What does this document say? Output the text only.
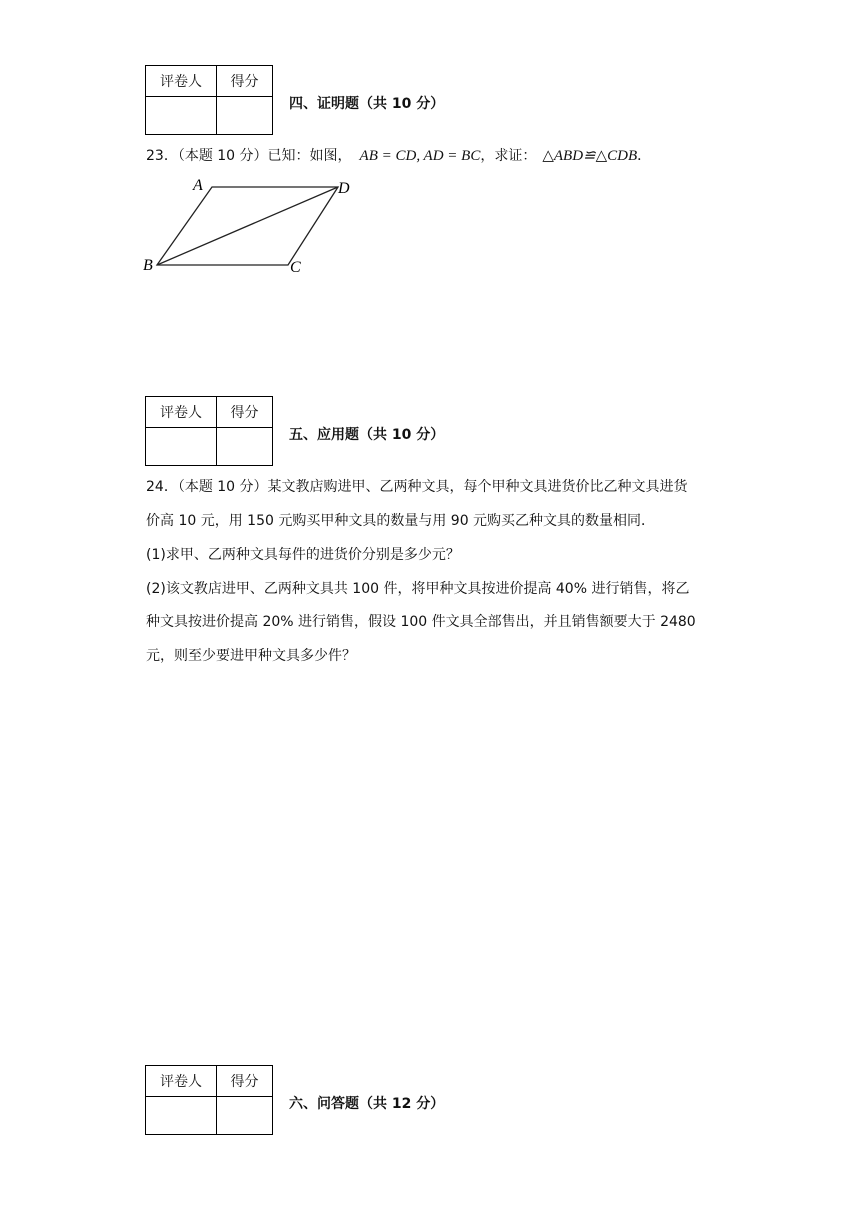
评卷人	得分

四、证明题（共 10 分）
23．（本题 10 分）已知：如图， AB = CD, AD = BC，求证： △ABD≌△CDB．
A	D
B	C
评卷人	得分

五、应用题（共 10 分）
24．（本题 10 分）某文教店购进甲、乙两种文具，每个甲种文具进货价比乙种文具进货
价高 10 元，用 150 元购买甲种文具的数量与用 90 元购买乙种文具的数量相同．
(1)求甲、乙两种文具每件的进货价分别是多少元？
(2)该文教店进甲、乙两种文具共 100 件，将甲种文具按进价提高 40% 进行销售，将乙
种文具按进价提高 20% 进行销售，假设 100 件文具全部售出，并且销售额要大于 2480
元，则至少要进甲种文具多少件？
评卷人	得分

六、问答题（共 12 分）
